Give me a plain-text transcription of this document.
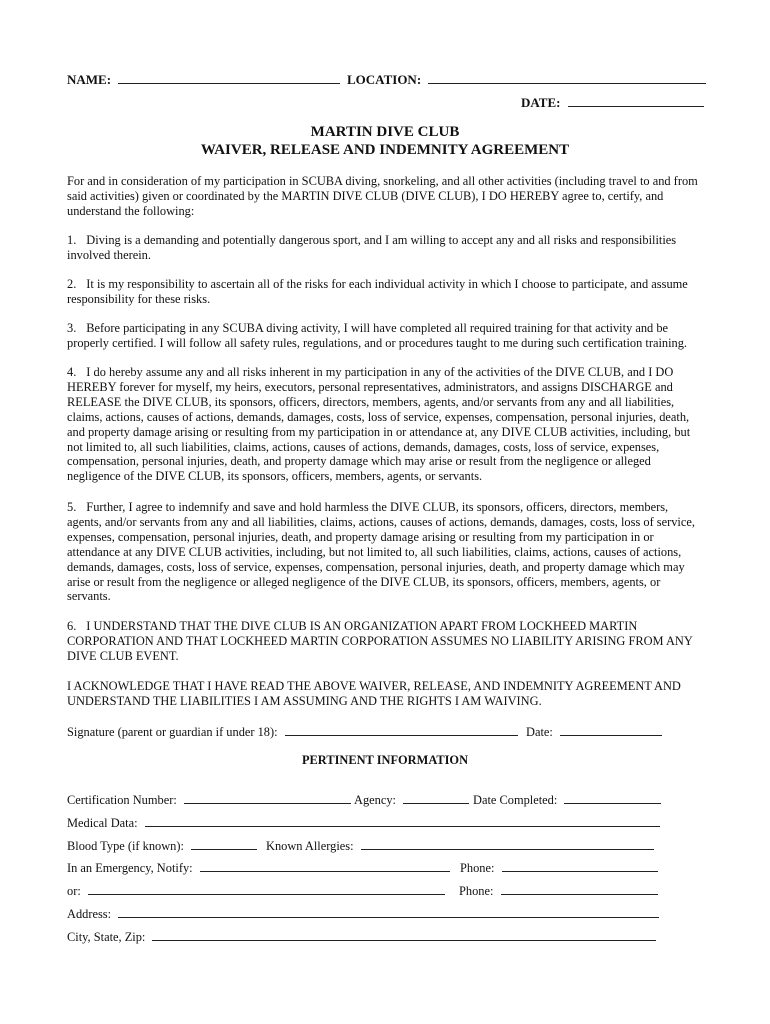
NAME:	LOCATION:
DATE:
MARTIN DIVE CLUB
WAIVER, RELEASE AND INDEMNITY AGREEMENT
For and in consideration of my participation in SCUBA diving, snorkeling, and all other activities (including travel to and from said activities) given or coordinated by the MARTIN DIVE CLUB (DIVE CLUB), I DO HEREBY agree to, certify, and understand the following:
1. Diving is a demanding and potentially dangerous sport, and I am willing to accept any and all risks and responsibilities involved therein.
2. It is my responsibility to ascertain all of the risks for each individual activity in which I choose to participate, and assume responsibility for these risks.
3. Before participating in any SCUBA diving activity, I will have completed all required training for that activity and be properly certified. I will follow all safety rules, regulations, and or procedures taught to me during such certification training.
4. I do hereby assume any and all risks inherent in my participation in any of the activities of the DIVE CLUB, and I DO HEREBY forever for myself, my heirs, executors, personal representatives, administrators, and assigns DISCHARGE and RELEASE the DIVE CLUB, its sponsors, officers, directors, members, agents, and/or servants from any and all liabilities, claims, actions, causes of actions, demands, damages, costs, loss of service, expenses, compensation, personal injuries, death, and property damage arising or resulting from my participation in or attendance at, any DIVE CLUB activities, including, but not limited to, all such liabilities, claims, actions, causes of actions, demands, damages, costs, loss of service, expenses, compensation, personal injuries, death, and property damage which may arise or result from the negligence or alleged negligence of the DIVE CLUB, its sponsors, officers, members, agents, or servants.
5. Further, I agree to indemnify and save and hold harmless the DIVE CLUB, its sponsors, officers, directors, members, agents, and/or servants from any and all liabilities, claims, actions, causes of actions, demands, damages, costs, loss of service, expenses, compensation, personal injuries, death, and property damage arising or resulting from my participation in or attendance at any DIVE CLUB activities, including, but not limited to, all such liabilities, claims, actions, causes of actions, demands, damages, costs, loss of service, expenses, compensation, personal injuries, death, and property damage which may arise or result from the negligence or alleged negligence of the DIVE CLUB, its sponsors, officers, members, agents, or servants.
6. I UNDERSTAND THAT THE DIVE CLUB IS AN ORGANIZATION APART FROM LOCKHEED MARTIN CORPORATION AND THAT LOCKHEED MARTIN CORPORATION ASSUMES NO LIABILITY ARISING FROM ANY DIVE CLUB EVENT.
I ACKNOWLEDGE THAT I HAVE READ THE ABOVE WAIVER, RELEASE, AND INDEMNITY AGREEMENT AND UNDERSTAND THE LIABILITIES I AM ASSUMING AND THE RIGHTS I AM WAIVING.
Signature (parent or guardian if under 18):	Date:
PERTINENT INFORMATION
Certification Number:	Agency:	Date Completed:
Medical Data:
Blood Type (if known):	Known Allergies:
In an Emergency, Notify:	Phone:
or:	Phone:
Address:
City, State, Zip:
